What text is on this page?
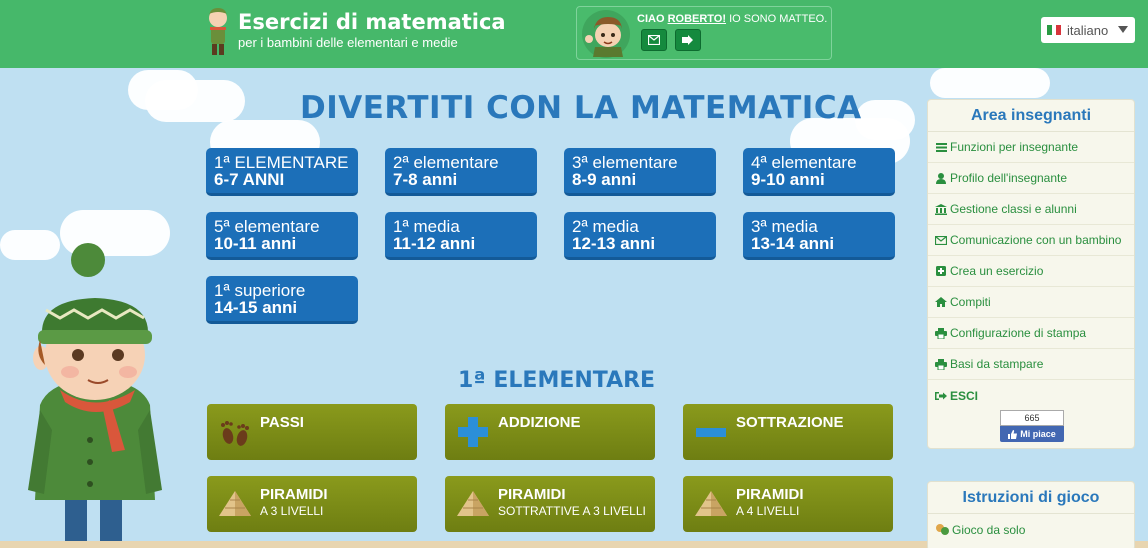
Esercizi di matematica
per i bambini delle elementari e medie
CIAO ROBERTO! IO SONO MATTEO.
italiano
DIVERTITI CON LA MATEMATICA
1ª ELEMENTARE
6-7 ANNI
2ª elementare
7-8 anni
3ª elementare
8-9 anni
4ª elementare
9-10 anni
5ª elementare
10-11 anni
1ª media
11-12 anni
2ª media
12-13 anni
3ª media
13-14 anni
1ª superiore
14-15 anni
1ª ELEMENTARE
PASSI	ADDIZIONE	SOTTRAZIONE
PIRAMIDI
A 3 LIVELLI
PIRAMIDI
SOTTRATTIVE A 3 LIVELLI
PIRAMIDI
A 4 LIVELLI
Area insegnanti
Funzioni per insegnante
Profilo dell'insegnante
Gestione classi e alunni
Comunicazione con un bambino
Crea un esercizio
Compiti
Configurazione di stampa
Basi da stampare
ESCI
665
Mi piace
Istruzioni di gioco
Gioco da solo
